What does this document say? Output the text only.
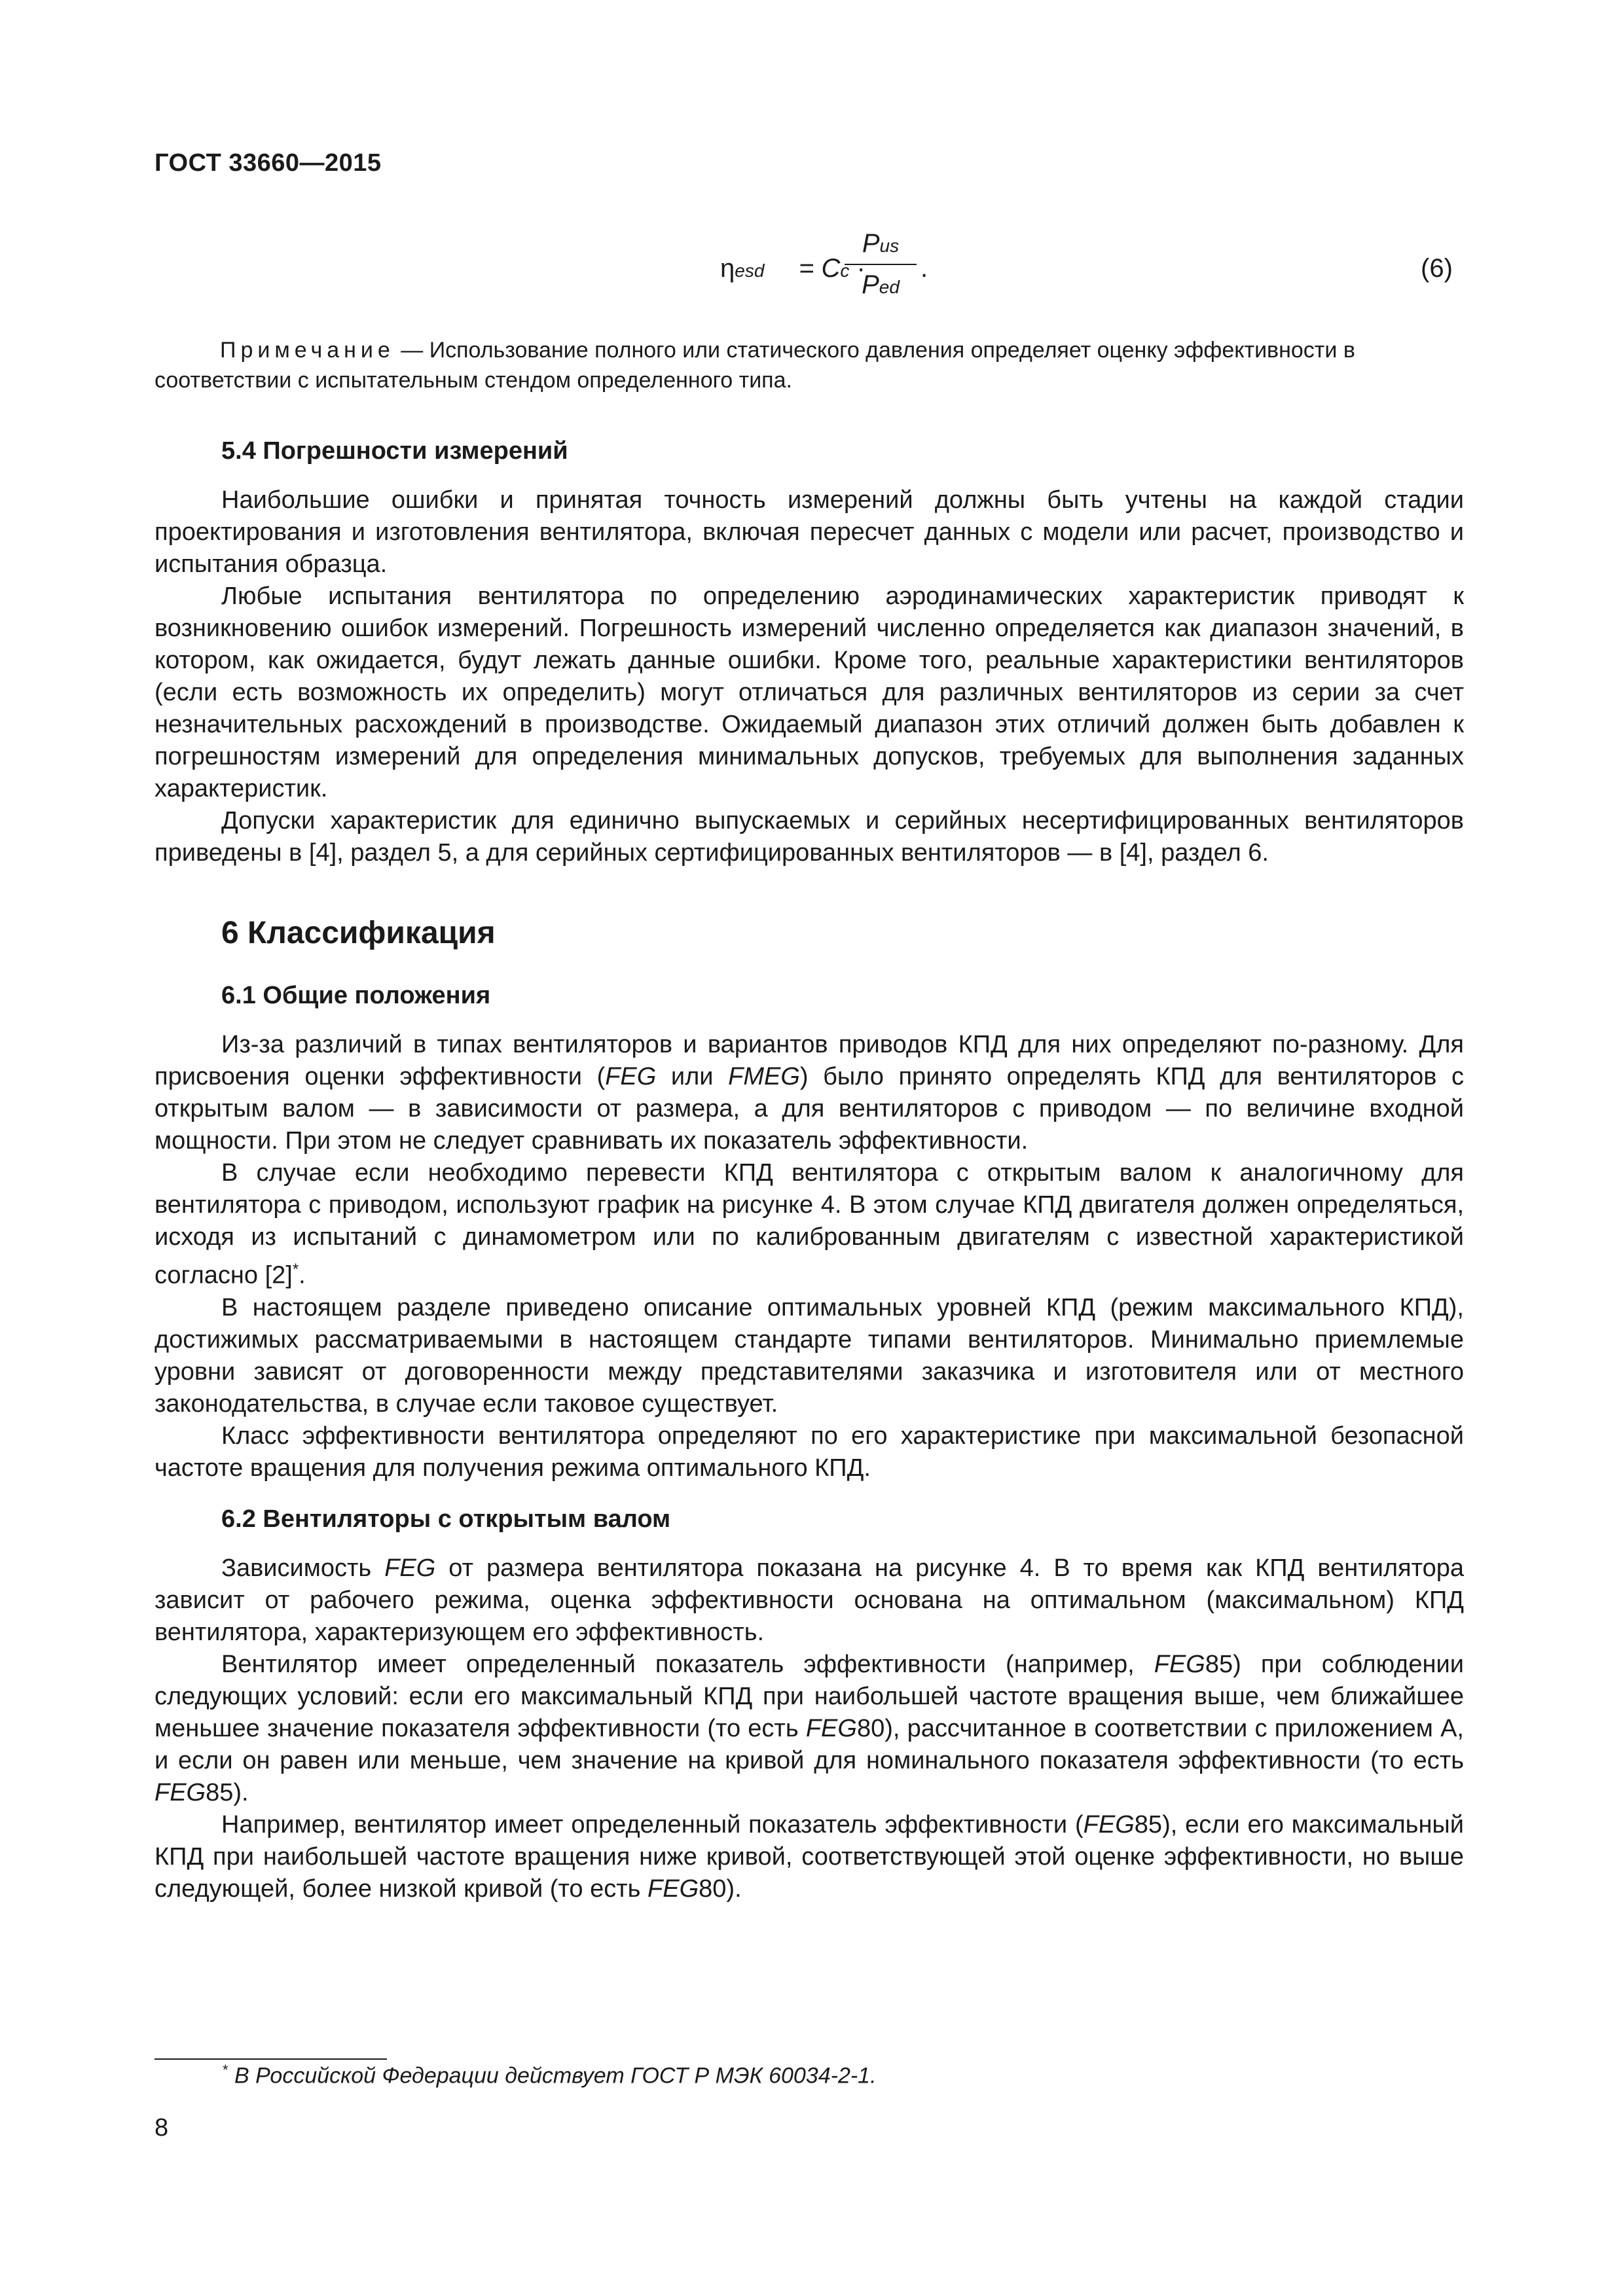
ГОСТ 33660—2015
ηesd = Cc ·
Pus
Ped
.	(6)
Примечание — Использование полного или статического давления определяет оценку эффективности в соответствии с испытательным стендом определенного типа.
5.4 Погрешности измерений

Наибольшие ошибки и принятая точность измерений должны быть учтены на каждой стадии проектирования и изготовления вентилятора, включая пересчет данных с модели или расчет, производство и испытания образца.

Любые испытания вентилятора по определению аэродинамических характеристик приводят к возникновению ошибок измерений. Погрешность измерений численно определяется как диапазон значений, в котором, как ожидается, будут лежать данные ошибки. Кроме того, реальные характеристики вентиляторов (если есть возможность их определить) могут отличаться для различных вентиляторов из серии за счет незначительных расхождений в производстве. Ожидаемый диапазон этих отличий должен быть добавлен к погрешностям измерений для определения минимальных допусков, требуемых для выполнения заданных характеристик.

Допуски характеристик для единично выпускаемых и серийных несертифицированных вентиляторов приведены в [4], раздел 5, а для серийных сертифицированных вентиляторов — в [4], раздел 6.

6 Классификация
6.1 Общие положения

Из-за различий в типах вентиляторов и вариантов приводов КПД для них определяют по-разному. Для присвоения оценки эффективности (FEG или FMEG) было принято определять КПД для вентиляторов с открытым валом — в зависимости от размера, а для вентиляторов с приводом — по величине входной мощности. При этом не следует сравнивать их показатель эффективности.

В случае если необходимо перевести КПД вентилятора с открытым валом к аналогичному для вентилятора с приводом, используют график на рисунке 4. В этом случае КПД двигателя должен определяться, исходя из испытаний с динамометром или по калиброванным двигателям с известной характеристикой согласно [2]*.

В настоящем разделе приведено описание оптимальных уровней КПД (режим максимального КПД), достижимых рассматриваемыми в настоящем стандарте типами вентиляторов. Минимально приемлемые уровни зависят от договоренности между представителями заказчика и изготовителя или от местного законодательства, в случае если таковое существует.

Класс эффективности вентилятора определяют по его характеристике при максимальной безопасной частоте вращения для получения режима оптимального КПД.

6.2 Вентиляторы с открытым валом

Зависимость FEG от размера вентилятора показана на рисунке 4. В то время как КПД вентилятора зависит от рабочего режима, оценка эффективности основана на оптимальном (максимальном) КПД вентилятора, характеризующем его эффективность.

Вентилятор имеет определенный показатель эффективности (например, FEG85) при соблюдении следующих условий: если его максимальный КПД при наибольшей частоте вращения выше, чем ближайшее меньшее значение показателя эффективности (то есть FEG80), рассчитанное в соответствии с приложением А, и если он равен или меньше, чем значение на кривой для номинального показателя эффективности (то есть FEG85).

Например, вентилятор имеет определенный показатель эффективности (FEG85), если его максимальный КПД при наибольшей частоте вращения ниже кривой, соответствующей этой оценке эффективности, но выше следующей, более низкой кривой (то есть FEG80).

* В Российской Федерации действует ГОСТ Р МЭК 60034-2-1.
8
